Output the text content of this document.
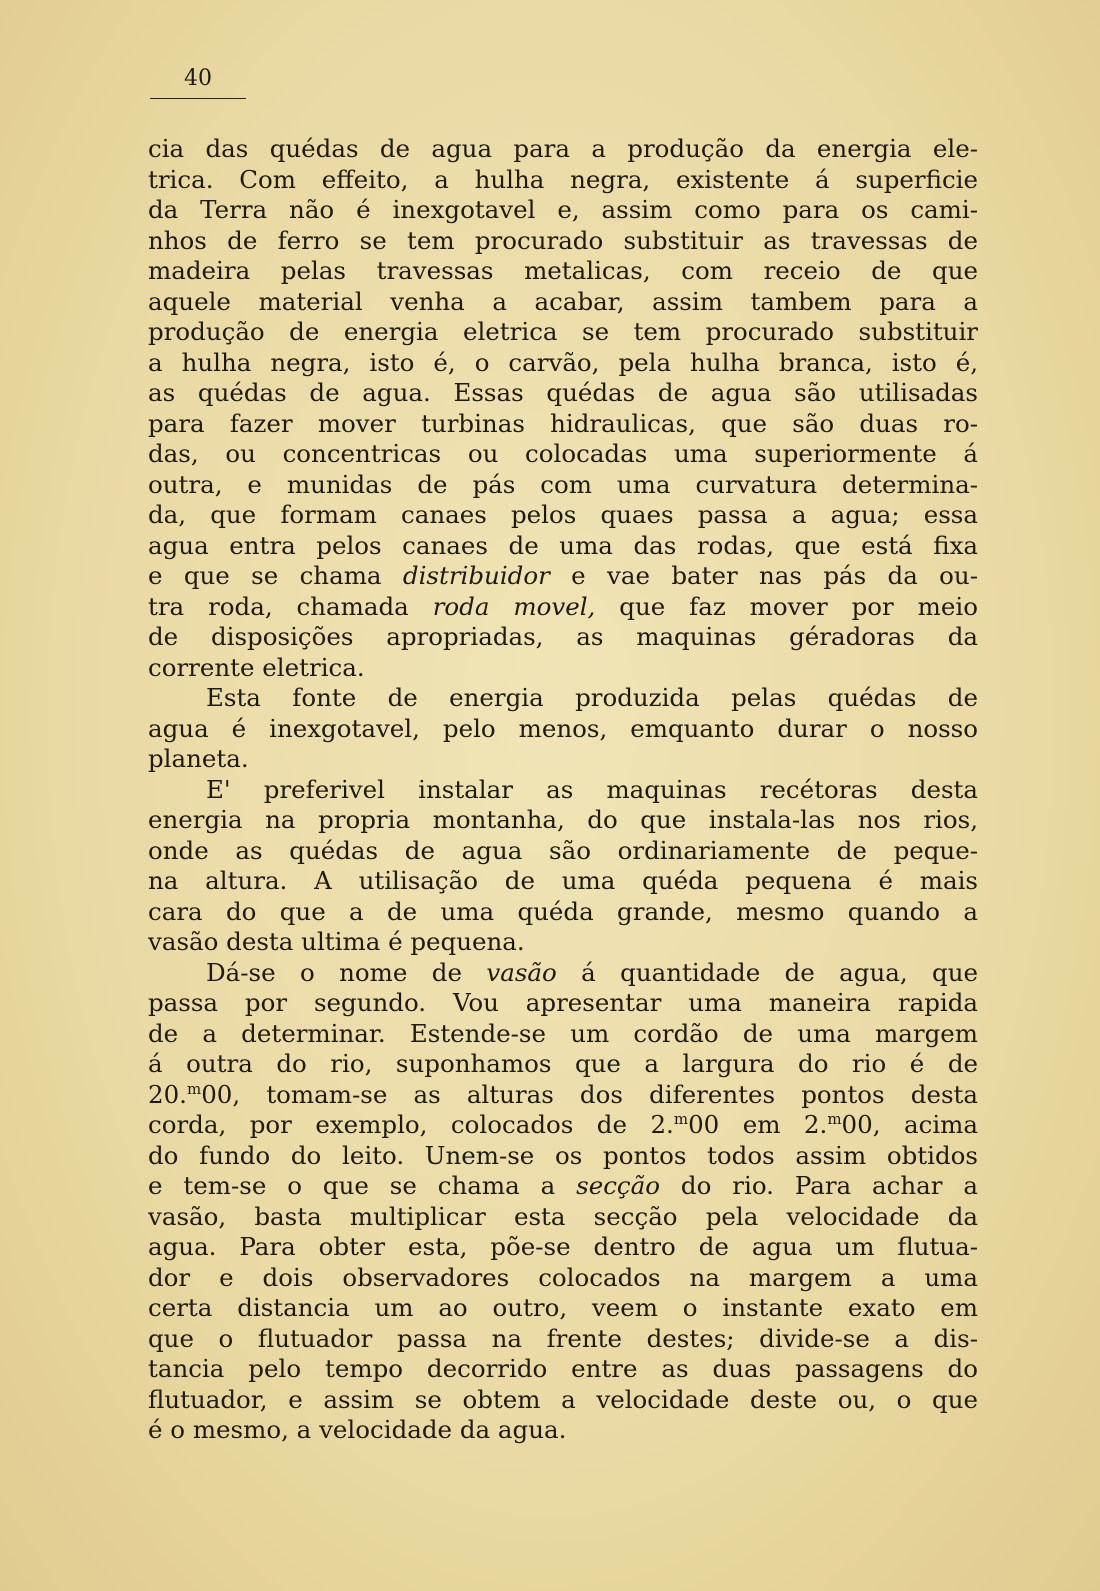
40
cia das quédas de agua para a produção da energia ele-
trica. Com effeito, a hulha negra, existente á superficie
da Terra não é inexgotavel e, assim como para os cami-
nhos de ferro se tem procurado substituir as travessas de
madeira pelas travessas metalicas, com receio de que
aquele material venha a acabar, assim tambem para a
produção de energia eletrica se tem procurado substituir
a hulha negra, isto é, o carvão, pela hulha branca, isto é,
as quédas de agua. Essas quédas de agua são utilisadas
para fazer mover turbinas hidraulicas, que são duas ro-
das, ou concentricas ou colocadas uma superiormente á
outra, e munidas de pás com uma curvatura determina-
da, que formam canaes pelos quaes passa a agua; essa
agua entra pelos canaes de uma das rodas, que está fixa
e que se chama distribuidor e vae bater nas pás da ou-
tra roda, chamada roda movel, que faz mover por meio
de disposições apropriadas, as maquinas géradoras da
corrente eletrica.
Esta fonte de energia produzida pelas quédas de
agua é inexgotavel, pelo menos, emquanto durar o nosso
planeta.
E' preferivel instalar as maquinas recétoras desta
energia na propria montanha, do que instala-las nos rios,
onde as quédas de agua são ordinariamente de peque-
na altura. A utilisação de uma quéda pequena é mais
cara do que a de uma quéda grande, mesmo quando a
vasão desta ultima é pequena.
Dá-se o nome de vasão á quantidade de agua, que
passa por segundo. Vou apresentar uma maneira rapida
de a determinar. Estende-se um cordão de uma margem
á outra do rio, suponhamos que a largura do rio é de
20.$^m$00, tomam-se as alturas dos diferentes pontos desta
corda, por exemplo, colocados de 2.$^m$00 em 2.$^m$00, acima
do fundo do leito. Unem-se os pontos todos assim obtidos
e tem-se o que se chama a secção do rio. Para achar a
vasão, basta multiplicar esta secção pela velocidade da
agua. Para obter esta, põe-se dentro de agua um flutua-
dor e dois observadores colocados na margem a uma
certa distancia um ao outro, veem o instante exato em
que o flutuador passa na frente destes; divide-se a dis-
tancia pelo tempo decorrido entre as duas passagens do
flutuador, e assim se obtem a velocidade deste ou, o que
é o mesmo, a velocidade da agua.
